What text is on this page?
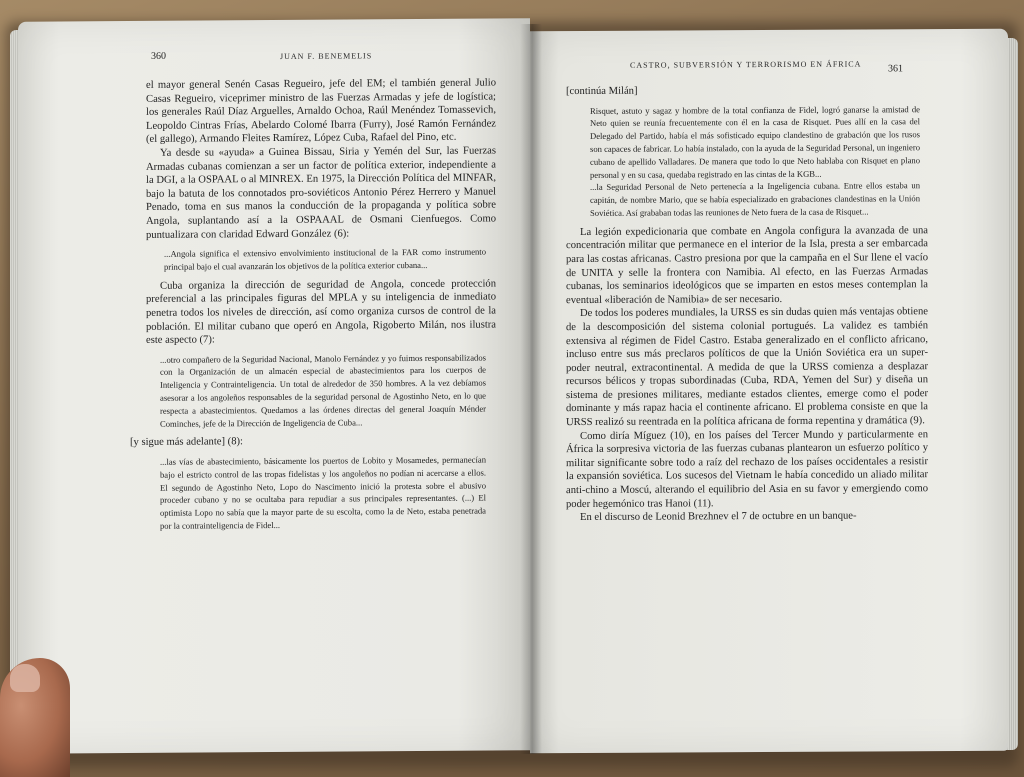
360	JUAN F. BENEMELIS

el mayor general Senén Casas Regueiro, jefe del EM; el también general Julio Casas Regueiro, viceprimer ministro de las Fuerzas Armadas y jefe de logística; los generales Raúl Díaz Arguelles, Arnaldo Ochoa, Raúl Menéndez Tomassevich, Leopoldo Cintras Frías, Abelardo Colomé Ibarra (Furry), José Ramón Fernández (el gallego), Armando Fleites Ramírez, López Cuba, Rafael del Pino, etc.

Ya desde su «ayuda» a Guinea Bissau, Siria y Yemén del Sur, las Fuerzas Armadas cubanas comienzan a ser un factor de política exterior, independiente a la DGI, a la OSPAAL o al MINREX. En 1975, la Dirección Política del MINFAR, bajo la batuta de los connotados pro-soviéticos Antonio Pérez Herrero y Manuel Penado, toma en sus manos la conducción de la propaganda y política sobre Angola, suplantando así a la OSPAAAL de Osmani Cienfuegos. Como puntualizara con claridad Edward González (6):

...Angola significa el extensivo envolvimiento institucional de la FAR como instrumento principal bajo el cual avanzarán los objetivos de la política exterior cubana...

Cuba organiza la dirección de seguridad de Angola, concede protección preferencial a las principales figuras del MPLA y su inteligencia de inmediato penetra todos los niveles de dirección, así como organiza cursos de control de la población. El militar cubano que operó en Angola, Rigoberto Milán, nos ilustra este aspecto (7):

...otro compañero de la Seguridad Nacional, Manolo Fernández y yo fuimos responsabilizados con la Organización de un almacén especial de abastecimientos para los cuerpos de Inteligencia y Contrainteligencia. Un total de alrededor de 350 hombres. A la vez debíamos asesorar a los angoleños responsables de la seguridad personal de Agostinho Neto, en lo que respecta a abastecimientos. Quedamos a las órdenes directas del general Joaquín Ménder Cominches, jefe de la Dirección de Ingeligencia de Cuba...

[y sigue más adelante] (8):

...las vías de abastecimiento, básicamente los puertos de Lobito y Mosamedes, permanecían bajo el estricto control de las tropas fidelistas y los angoleños no podían ni acercarse a ellos. El segundo de Agostinho Neto, Lopo do Nascimento inició la protesta sobre el abusivo proceder cubano y no se ocultaba para repudiar a sus principales representantes. (...) El optimista Lopo no sabía que la mayor parte de su escolta, como la de Neto, estaba penetrada por la contrainteligencia de Fidel...

CASTRO, SUBVERSIÓN Y TERRORISMO EN ÁFRICA	361

[continúa Milán]

Risquet, astuto y sagaz y hombre de la total confianza de Fidel, logró ganarse la amistad de Neto quien se reunía frecuentemente con él en la casa de Risquet. Pues allí en la casa del Delegado del Partido, había el más sofisticado equipo clandestino de grabación que los rusos son capaces de fabricar. Lo había instalado, con la ayuda de la Seguridad Personal, un ingeniero cubano de apellido Valladares. De manera que todo lo que Neto hablaba con Risquet en plano personal y en su casa, quedaba registrado en las cintas de la KGB...

...la Seguridad Personal de Neto pertenecía a la Ingeligencia cubana. Entre ellos estaba un capitán, de nombre Mario, que se había especializado en grabaciones clandestinas en la Unión Soviética. Así grababan todas las reuniones de Neto fuera de la casa de Risquet...

La legión expedicionaria que combate en Angola configura la avanzada de una concentración militar que permanece en el interior de la Isla, presta a ser embarcada para las costas africanas. Castro presiona por que la campaña en el Sur llene el vacío de UNITA y selle la frontera con Namibia. Al efecto, en las Fuerzas Armadas cubanas, los seminarios ideológicos que se imparten en estos meses contemplan la eventual «liberación de Namibia» de ser necesario.

De todos los poderes mundiales, la URSS es sin dudas quien más ventajas obtiene de la descomposición del sistema colonial portugués. La validez es también extensiva al régimen de Fidel Castro. Estaba generalizado en el conflicto africano, incluso entre sus más preclaros políticos de que la Unión Soviética era un super-poder neutral, extracontinental. A medida de que la URSS comienza a desplazar recursos bélicos y tropas subordinadas (Cuba, RDA, Yemen del Sur) y diseña un sistema de presiones militares, mediante estados clientes, emerge como el poder dominante y más rapaz hacia el continente africano. El problema consiste en que la URSS realizó su reentrada en la política africana de forma repentina y dramática (9).

Como diría Míguez (10), en los países del Tercer Mundo y particularmente en África la sorpresiva victoria de las fuerzas cubanas plantearon un esfuerzo político y militar significante sobre todo a raíz del rechazo de los países occidentales a resistir la expansión soviética. Los sucesos del Vietnam le había concedido un aliado militar anti-chino a Moscú, alterando el equilibrio del Asia en su favor y emergiendo como poder hegemónico tras Hanoi (11).

En el discurso de Leonid Brezhnev el 7 de octubre en un banque-
